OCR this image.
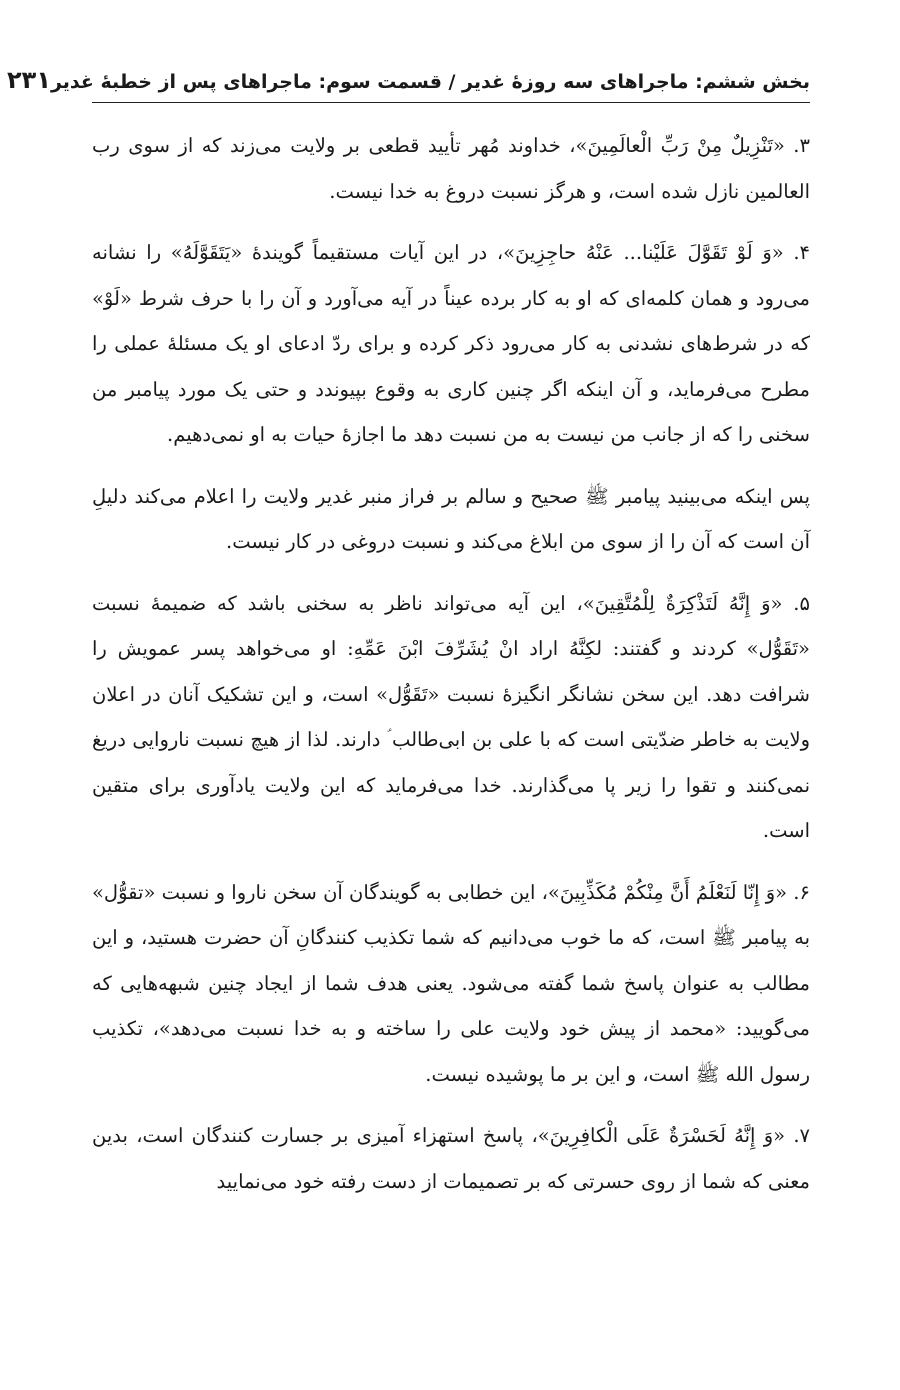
بخش ششم: ماجراهای سه روزهٔ غدیر / قسمت سوم: ماجراهای پس از خطبهٔ غدیر
۲۳۱

۳. «تَنْزِيلٌ مِنْ رَبِّ الْعالَمِينَ»، خداوند مُهر تأیید قطعی بر ولایت می‌زند که از سوی رب العالمین نازل شده است، و هرگز نسبت دروغ به خدا نیست.

۴. «وَ لَوْ تَقَوَّلَ عَلَيْنا... عَنْهُ حاجِزِينَ»، در این آیات مستقیماً گویندهٔ «يَتَقَوَّلَهُ» را نشانه می‌رود و همان کلمه‌ای که او به کار برده عیناً در آیه می‌آورد و آن را با حرف شرط «لَوْ» که در شرط‌های نشدنی به کار می‌رود ذکر کرده و برای ردّ ادعای او یک مسئلهٔ عملی را مطرح می‌فرماید، و آن اینکه اگر چنین کاری به وقوع بپیوندد و حتی یک مورد پیامبر من سخنی را که از جانب من نیست به من نسبت دهد ما اجازهٔ حیات به او نمی‌دهیم.

پس اینکه می‌بینید پیامبر ﷺ صحیح و سالم بر فراز منبر غدیر ولایت را اعلام می‌کند دلیلِ آن است که آن را از سوی من ابلاغ می‌کند و نسبت دروغی در کار نیست.

۵. «وَ إِنَّهُ لَتَذْكِرَةٌ لِلْمُتَّقِينَ»، این آیه می‌تواند ناظر به سخنی باشد که ضمیمهٔ نسبت «تَقَوُّل» کردند و گفتند: لكِنَّهُ اراد انْ يُشَرِّفَ ابْنَ عَمِّهِ: او می‌خواهد پسر عمویش را شرافت دهد. این سخن نشانگر انگیزهٔ نسبت «تَقَوُّل» است، و این تشکیک آنان در اعلان ولایت به خاطر ضدّیتی است که با علی بن ابی‌طالب ؑ دارند. لذا از هیچ نسبت ناروایی دریغ نمی‌کنند و تقوا را زیر پا می‌گذارند. خدا می‌فرماید که این ولایت یادآوری برای متقین است.

۶. «وَ إِنّا لَنَعْلَمُ أَنَّ مِنْكُمْ مُكَذِّبِينَ»، این خطابی به گویندگان آن سخن ناروا و نسبت «تقوُّل» به پیامبر ﷺ است، که ما خوب می‌دانیم که شما تکذیب کنندگانِ آن حضرت هستید، و این مطالب به عنوان پاسخ شما گفته می‌شود. یعنی هدف شما از ایجاد چنین شبهه‌هایی که می‌گویید: «محمد از پیش خود ولایت علی را ساخته و به خدا نسبت می‌دهد»، تکذیب رسول الله ﷺ است، و این بر ما پوشیده نیست.

۷. «وَ إِنَّهُ لَحَسْرَةٌ عَلَى الْكافِرِينَ»، پاسخ استهزاء آمیزی بر جسارت کنندگان است، بدین معنی که شما از روی حسرتی که بر تصمیمات از دست رفته خود می‌نمایید
